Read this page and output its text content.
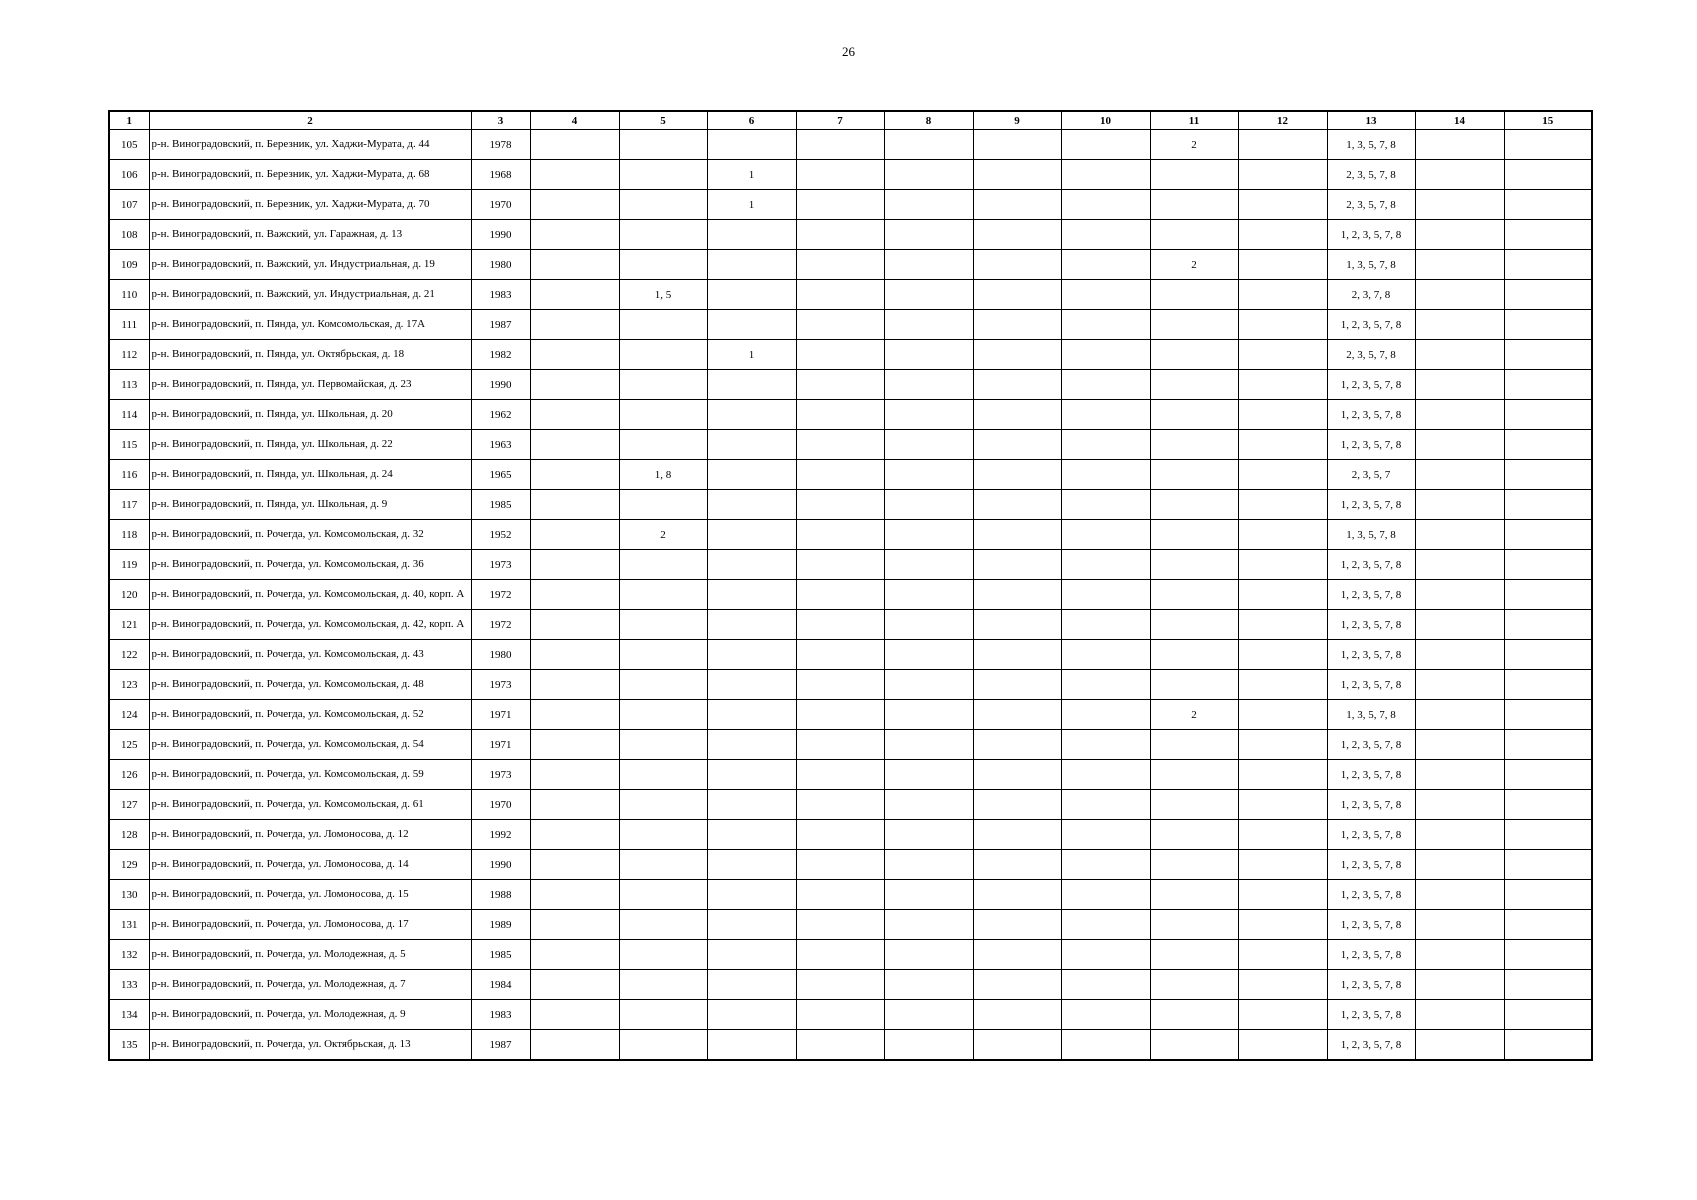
26
1	2	3	4	5	6	7	8	9	10	11	12	13	14	15
105	р-н. Виноградовский, п. Березник, ул. Хаджи-Мурата, д. 44	1978								2		1, 3, 5, 7, 8		
106	р-н. Виноградовский, п. Березник, ул. Хаджи-Мурата, д. 68	1968			1							2, 3, 5, 7, 8		
107	р-н. Виноградовский, п. Березник, ул. Хаджи-Мурата, д. 70	1970			1							2, 3, 5, 7, 8		
108	р-н. Виноградовский, п. Важский, ул. Гаражная, д. 13	1990										1, 2, 3, 5, 7, 8		
109	р-н. Виноградовский, п. Важский, ул. Индустриальная, д. 19	1980								2		1, 3, 5, 7, 8		
110	р-н. Виноградовский, п. Важский, ул. Индустриальная, д. 21	1983		1, 5								2, 3, 7, 8		
111	р-н. Виноградовский, п. Пянда, ул. Комсомольская, д. 17А	1987										1, 2, 3, 5, 7, 8		
112	р-н. Виноградовский, п. Пянда, ул. Октябрьская, д. 18	1982			1							2, 3, 5, 7, 8		
113	р-н. Виноградовский, п. Пянда, ул. Первомайская, д. 23	1990										1, 2, 3, 5, 7, 8		
114	р-н. Виноградовский, п. Пянда, ул. Школьная, д. 20	1962										1, 2, 3, 5, 7, 8		
115	р-н. Виноградовский, п. Пянда, ул. Школьная, д. 22	1963										1, 2, 3, 5, 7, 8		
116	р-н. Виноградовский, п. Пянда, ул. Школьная, д. 24	1965		1, 8								2, 3, 5, 7		
117	р-н. Виноградовский, п. Пянда, ул. Школьная, д. 9	1985										1, 2, 3, 5, 7, 8		
118	р-н. Виноградовский, п. Рочегда, ул. Комсомольская, д. 32	1952		2								1, 3, 5, 7, 8		
119	р-н. Виноградовский, п. Рочегда, ул. Комсомольская, д. 36	1973										1, 2, 3, 5, 7, 8		
120	р-н. Виноградовский, п. Рочегда, ул. Комсомольская, д. 40, корп. А	1972										1, 2, 3, 5, 7, 8		
121	р-н. Виноградовский, п. Рочегда, ул. Комсомольская, д. 42, корп. А	1972										1, 2, 3, 5, 7, 8		
122	р-н. Виноградовский, п. Рочегда, ул. Комсомольская, д. 43	1980										1, 2, 3, 5, 7, 8		
123	р-н. Виноградовский, п. Рочегда, ул. Комсомольская, д. 48	1973										1, 2, 3, 5, 7, 8		
124	р-н. Виноградовский, п. Рочегда, ул. Комсомольская, д. 52	1971								2		1, 3, 5, 7, 8		
125	р-н. Виноградовский, п. Рочегда, ул. Комсомольская, д. 54	1971										1, 2, 3, 5, 7, 8		
126	р-н. Виноградовский, п. Рочегда, ул. Комсомольская, д. 59	1973										1, 2, 3, 5, 7, 8		
127	р-н. Виноградовский, п. Рочегда, ул. Комсомольская, д. 61	1970										1, 2, 3, 5, 7, 8		
128	р-н. Виноградовский, п. Рочегда, ул. Ломоносова, д. 12	1992										1, 2, 3, 5, 7, 8		
129	р-н. Виноградовский, п. Рочегда, ул. Ломоносова, д. 14	1990										1, 2, 3, 5, 7, 8		
130	р-н. Виноградовский, п. Рочегда, ул. Ломоносова, д. 15	1988										1, 2, 3, 5, 7, 8		
131	р-н. Виноградовский, п. Рочегда, ул. Ломоносова, д. 17	1989										1, 2, 3, 5, 7, 8		
132	р-н. Виноградовский, п. Рочегда, ул. Молодежная, д. 5	1985										1, 2, 3, 5, 7, 8		
133	р-н. Виноградовский, п. Рочегда, ул. Молодежная, д. 7	1984										1, 2, 3, 5, 7, 8		
134	р-н. Виноградовский, п. Рочегда, ул. Молодежная, д. 9	1983										1, 2, 3, 5, 7, 8		
135	р-н. Виноградовский, п. Рочегда, ул. Октябрьская, д. 13	1987										1, 2, 3, 5, 7, 8		
